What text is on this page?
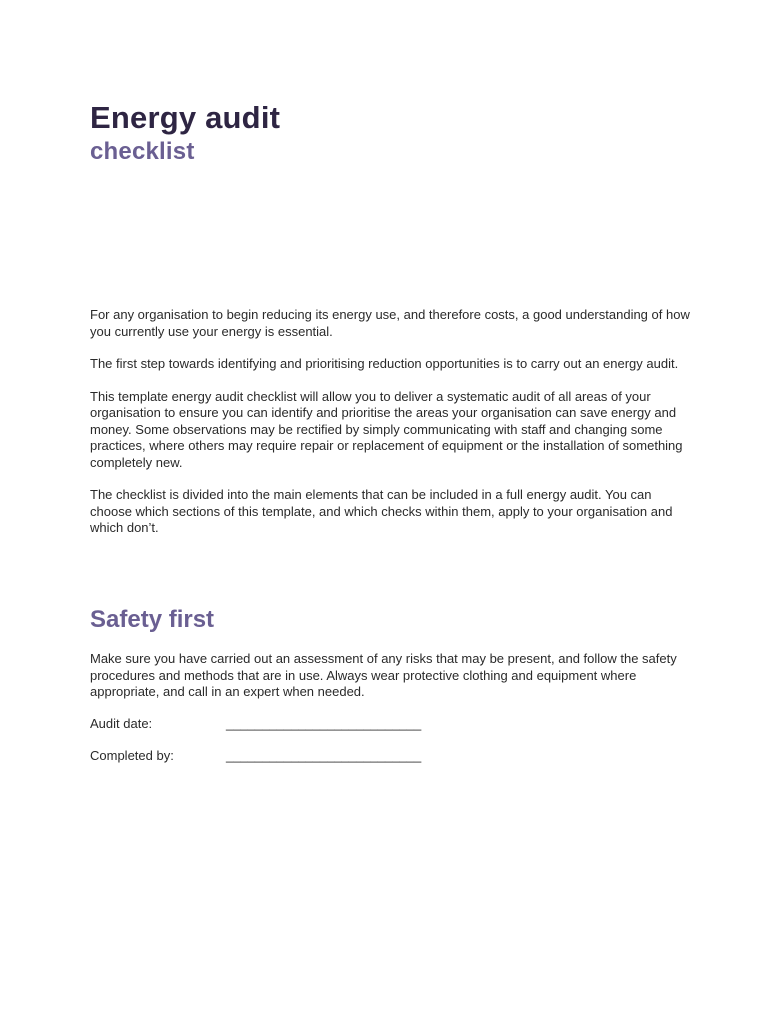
Energy audit
checklist

For any organisation to begin reducing its energy use, and therefore costs, a good understanding of how you currently use your energy is essential.

The first step towards identifying and prioritising reduction opportunities is to carry out an energy audit.

This template energy audit checklist will allow you to deliver a systematic audit of all areas of your organisation to ensure you can identify and prioritise the areas your organisation can save energy and money. Some observations may be rectified by simply communicating with staff and changing some practices, where others may require repair or replacement of equipment or the installation of something completely new.

The checklist is divided into the main elements that can be included in a full energy audit. You can choose which sections of this template, and which checks within them, apply to your organisation and which don’t.

Safety first

Make sure you have carried out an assessment of any risks that may be present, and follow the safety procedures and methods that are in use. Always wear protective clothing and equipment where appropriate, and call in an expert when needed.

Audit date:	___________________________
Completed by:	___________________________
